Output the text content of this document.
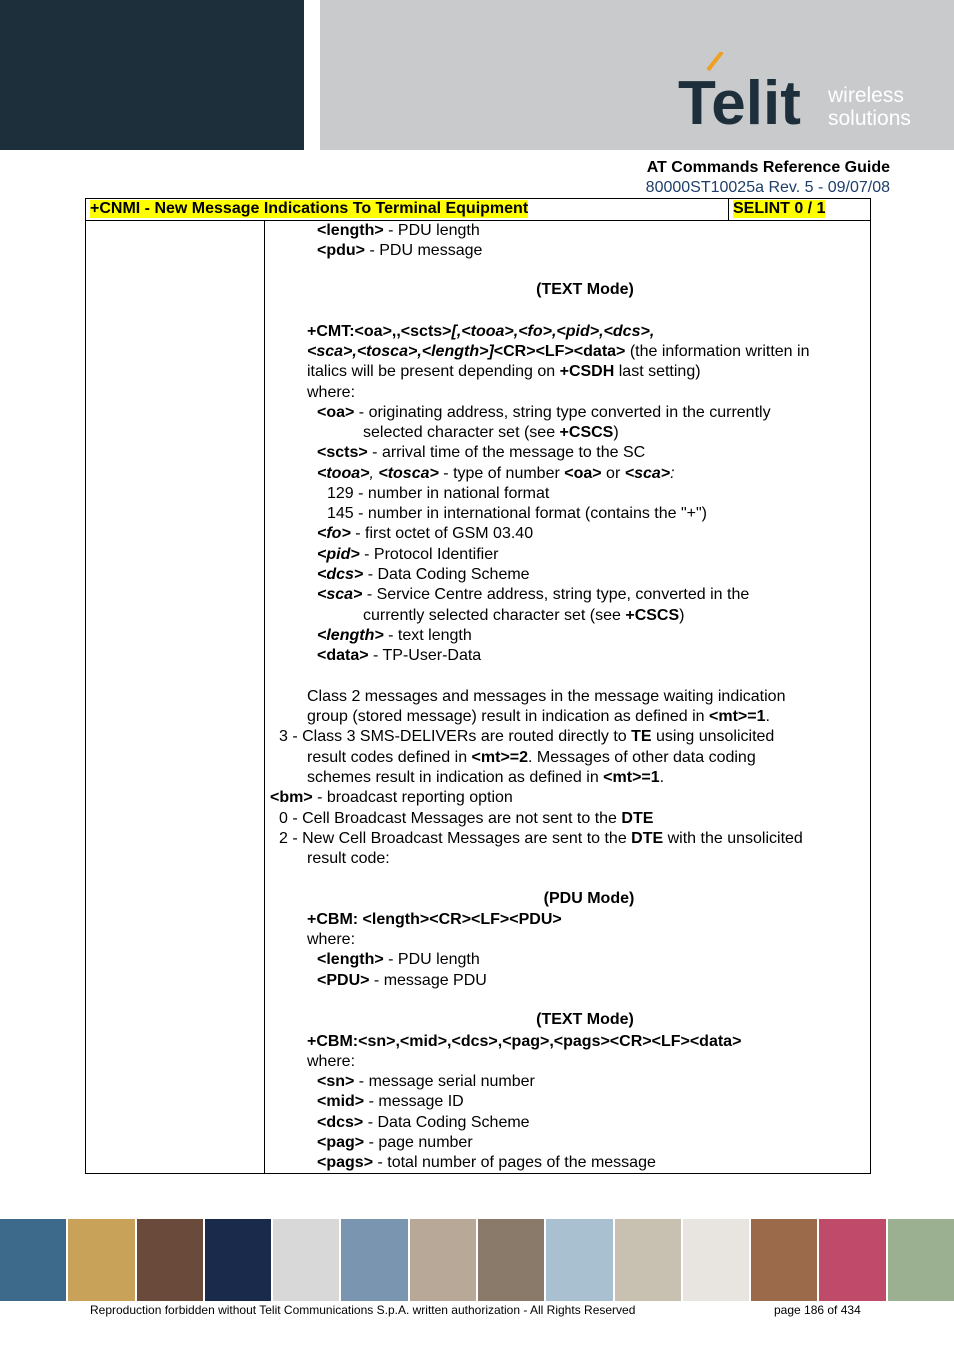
Telit wireless
solutions
AT Commands Reference Guide
80000ST10025a Rev. 5 - 09/07/08
+CNMI - New Message Indications To Terminal Equipment	SELINT 0 / 1
<length> - PDU length
<pdu> - PDU message
(TEXT Mode)
+CMT:<oa>,,<scts>[,<tooa>,<fo>,<pid>,<dcs>,
<sca>,<tosca>,<length>]<CR><LF><data> (the information written in
italics will be present depending on +CSDH last setting)
where:
<oa> - originating address, string type converted in the currently
selected character set (see +CSCS)
<scts> - arrival time of the message to the SC
<tooa>, <tosca> - type of number <oa> or <sca>:
129 - number in national format
145 - number in international format (contains the "+")
<fo> - first octet of GSM 03.40
<pid> - Protocol Identifier
<dcs> - Data Coding Scheme
<sca> - Service Centre address, string type, converted in the
currently selected character set (see +CSCS)
<length> - text length
<data> - TP-User-Data
Class 2 messages and messages in the message waiting indication
group (stored message) result in indication as defined in <mt>=1.
3 - Class 3 SMS-DELIVERs are routed directly to TE using unsolicited
result codes defined in <mt>=2. Messages of other data coding
schemes result in indication as defined in <mt>=1.
<bm> - broadcast reporting option
0 - Cell Broadcast Messages are not sent to the DTE
2 - New Cell Broadcast Messages are sent to the DTE with the unsolicited
result code:
(PDU Mode)
+CBM: <length><CR><LF><PDU>
where:
<length> - PDU length
<PDU> - message PDU
(TEXT Mode)
+CBM:<sn>,<mid>,<dcs>,<pag>,<pags><CR><LF><data>
where:
<sn> - message serial number
<mid> - message ID
<dcs> - Data Coding Scheme
<pag> - page number
<pags> - total number of pages of the message
Reproduction forbidden without Telit Communications S.p.A. written authorization - All Rights Reserved	page 186 of 434
